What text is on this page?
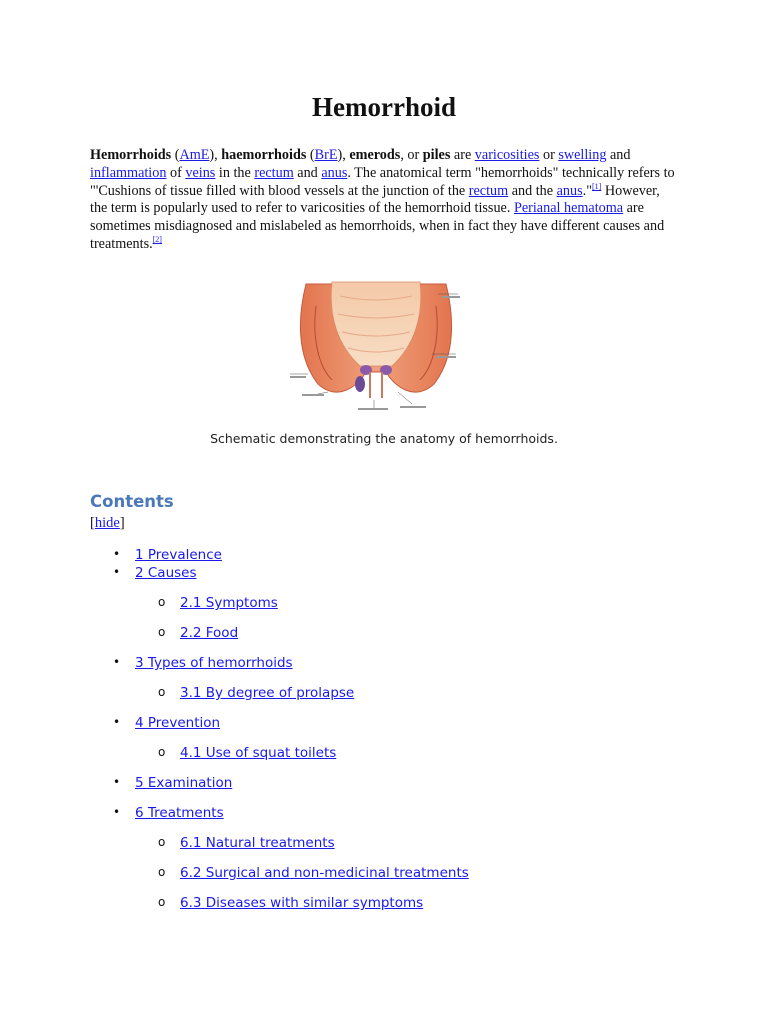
Hemorrhoid

Hemorrhoids (AmE), haemorrhoids (BrE), emerods, or piles are varicosities or swelling and inflammation of veins in the rectum and anus. The anatomical term "hemorrhoids" technically refers to "'Cushions of tissue filled with blood vessels at the junction of the rectum and the anus."[1] However, the term is popularly used to refer to varicosities of the hemorrhoid tissue. Perianal hematoma are sometimes misdiagnosed and mislabeled as hemorrhoids, when in fact they have different causes and treatments.[2]

Schematic demonstrating the anatomy of hemorrhoids.
Contents
[hide]
• 1 Prevalence
• 2 Causes
o 2.1 Symptoms
o 2.2 Food
• 3 Types of hemorrhoids
o 3.1 By degree of prolapse
• 4 Prevention
o 4.1 Use of squat toilets
• 5 Examination
• 6 Treatments
o 6.1 Natural treatments
o 6.2 Surgical and non-medicinal treatments
o 6.3 Diseases with similar symptoms
